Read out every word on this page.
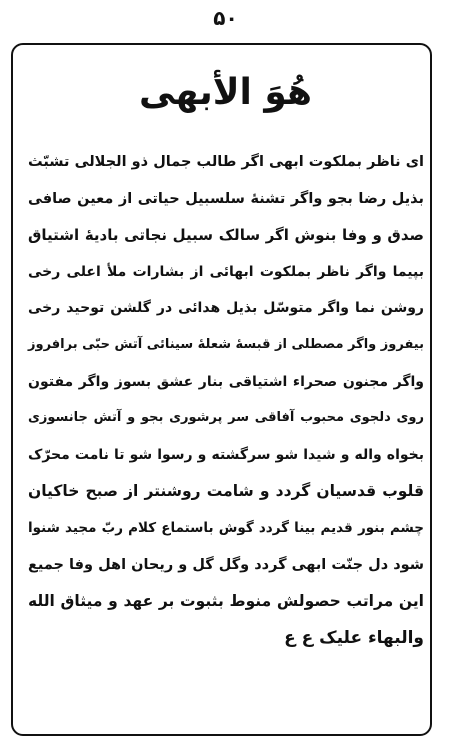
۵۰
هُوَ الأبهی
ای ناظر بملکوت ابهی اگر طالب جمال ذو الجلالی تشبّث
بذیل رضا بجو واگر تشنهٔ سلسبیل حیاتی از معین صافی
صدق و وفا بنوش اگر سالک سبیل نجاتی بادیهٔ اشتیاق
بپیما واگر ناظر بملکوت ابهائی از بشارات ملأ اعلی رخی
روشن نما واگر متوسّل بذیل هدائی در گلشن توحید رخی
بیفروز واگر مصطلی از قبسهٔ شعلهٔ سینائی آتش حبّی برافروز
واگر مجنون صحراء اشتیاقی بنار عشق بسوز واگر مفتون
روی دلجوی محبوب آفاقی سر پرشوری بجو و آتش جانسوزی
بخواه واله و شیدا شو سرگشته و رسوا شو تا نامت محرّک
قلوب قدسیان گردد و شامت روشنتر از صبح خاکیان
چشم بنور قدیم بینا گردد گوش باستماع کلام ربّ مجید شنوا
شود دل جنّت ابهی گردد وگل گل و ریحان اهل وفا جمیع
این مراتب حصولش منوط بثبوت بر عهد و میثاق الله
والبهاء علیک ع ع
